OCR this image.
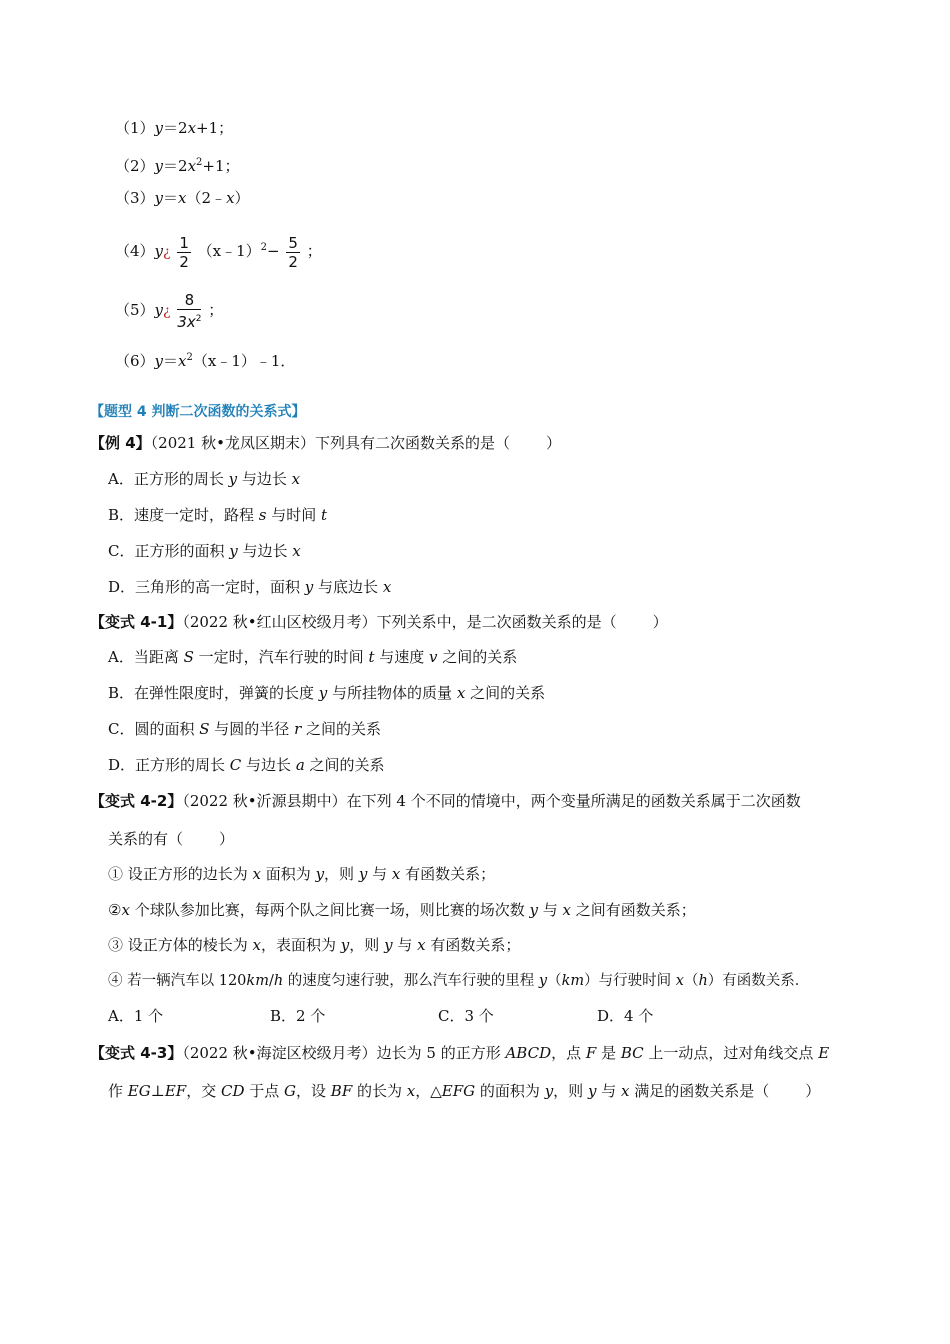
（1）y＝2x+1；
$(2)y=2x^2+1$；
（3）y＝x（2﹣x）
（4）y¿ $\frac{1}{2}$ （x﹣1）$^2$− $\frac{5}{2}$ ；
（5）y¿ $\frac{8}{3x^2}$ ；
$(6)y=x^2(x﹣1)﹣1$．
【题型 4 判断二次函数的关系式】
【例 4】（2021 秋•龙凤区期末）下列具有二次函数关系的是（ ）
A．正方形的周长 y 与边长 x
B．速度一定时，路程 s 与时间 t
C．正方形的面积 y 与边长 x
D．三角形的高一定时，面积 y 与底边长 x
【变式 4-1】（2022 秋•红山区校级月考）下列关系中，是二次函数关系的是（ ）
A．当距离 S 一定时，汽车行驶的时间 t 与速度 v 之间的关系
B．在弹性限度时，弹簧的长度 y 与所挂物体的质量 x 之间的关系
C．圆的面积 S 与圆的半径 r 之间的关系
D．正方形的周长 C 与边长 a 之间的关系
【变式 4-2】（2022 秋•沂源县期中）在下列 4 个不同的情境中，两个变量所满足的函数关系属于二次函数
关系的有（ ）
① 设正方形的边长为 x 面积为 y，则 y 与 x 有函数关系；
②x 个球队参加比赛，每两个队之间比赛一场，则比赛的场次数 y 与 x 之间有函数关系；
③ 设正方体的棱长为 x，表面积为 y，则 y 与 x 有函数关系；
④ 若一辆汽车以 120km/h 的速度匀速行驶，那么汽车行驶的里程 y（km）与行驶时间 x（h）有函数关系．
A．1 个	B．2 个	C．3 个	D．4 个
【变式 4-3】（2022 秋•海淀区校级月考）边长为 5 的正方形 ABCD，点 F 是 BC 上一动点，过对角线交点 E
作 EG⊥EF，交 CD 于点 G，设 BF 的长为 x，△EFG 的面积为 y，则 y 与 x 满足的函数关系是（ ）
